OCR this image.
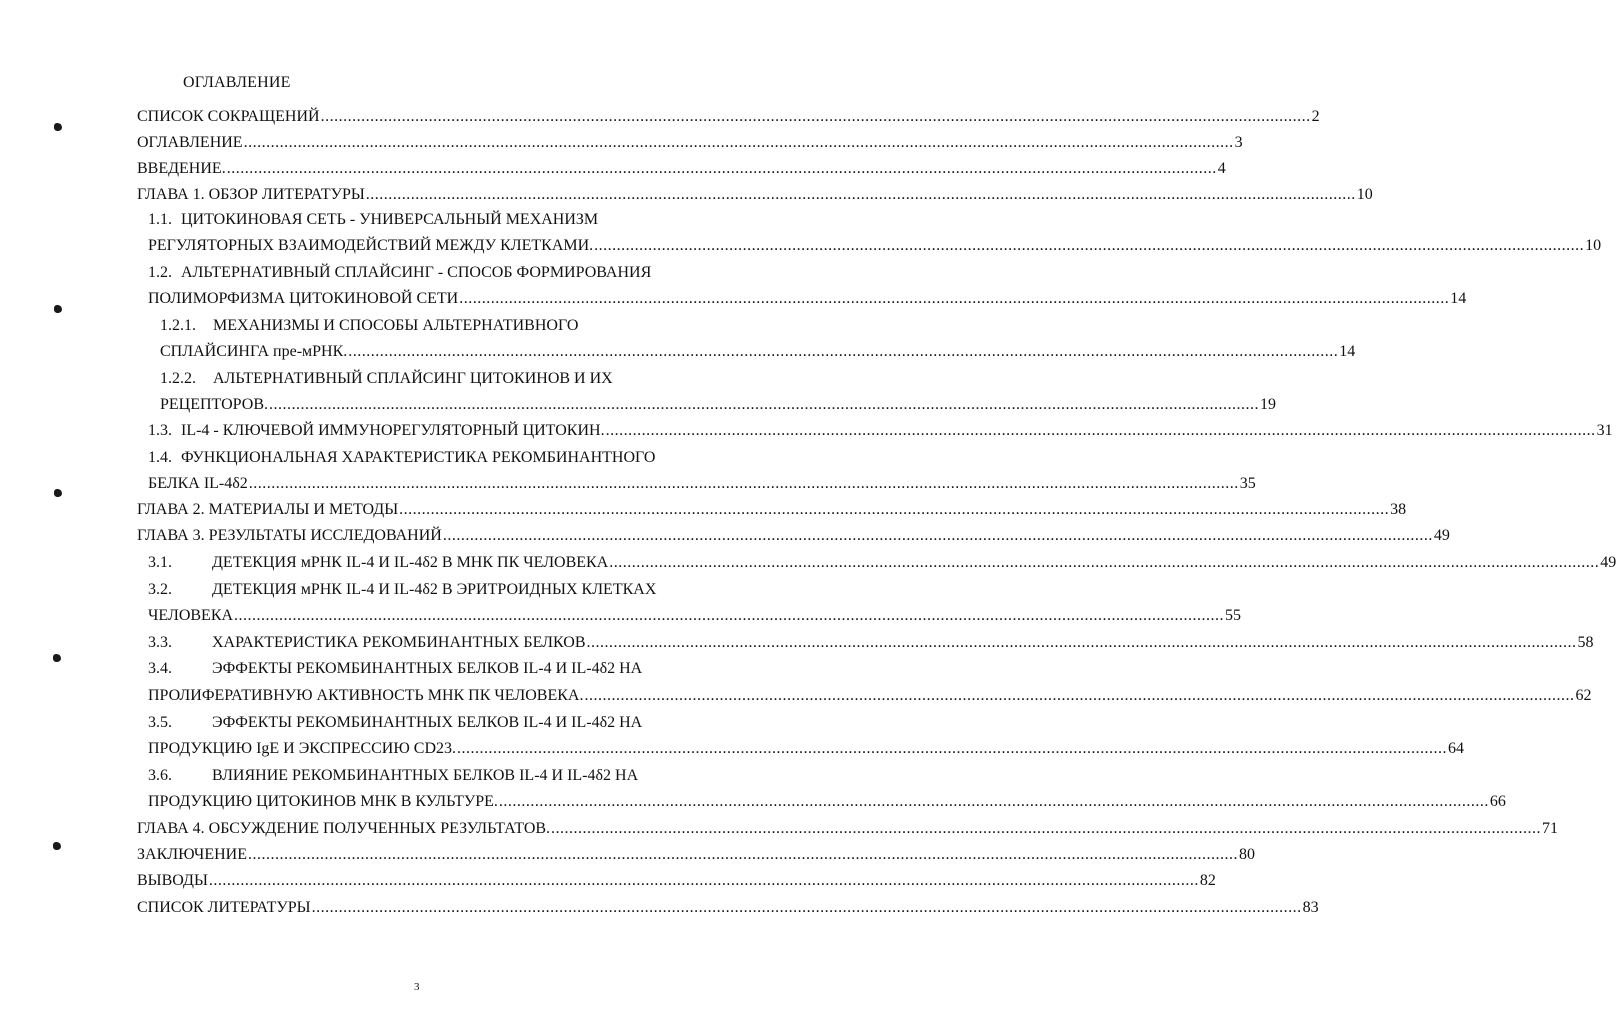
ОГЛАВЛЕНИЕ
СПИСОК СОКРАЩЕНИЙ ............................................................................................................................................................................................................................ 2
ОГЛАВЛЕНИЕ ............................................................................................................................................................................................................................ 3
ВВЕДЕНИЕ. ............................................................................................................................................................................................................................ 4
ГЛАВА 1. ОБЗОР ЛИТЕРАТУРЫ ............................................................................................................................................................................................................................ 10
1.1. ЦИТОКИНОВАЯ СЕТЬ - УНИВЕРСАЛЬНЫЙ МЕХАНИЗМ
РЕГУЛЯТОРНЫХ ВЗАИМОДЕЙСТВИЙ МЕЖДУ КЛЕТКАМИ. ............................................................................................................................................................................................................................ 10
1.2. АЛЬТЕРНАТИВНЫЙ СПЛАЙСИНГ - СПОСОБ ФОРМИРОВАНИЯ
ПОЛИМОРФИЗМА ЦИТОКИНОВОЙ СЕТИ ............................................................................................................................................................................................................................ 14
1.2.1. МЕХАНИЗМЫ И СПОСОБЫ АЛЬТЕРНАТИВНОГО
СПЛАЙСИНГА пре-мРНК. ............................................................................................................................................................................................................................ 14
1.2.2. АЛЬТЕРНАТИВНЫЙ СПЛАЙСИНГ ЦИТОКИНОВ И ИХ
РЕЦЕПТОРОВ. ............................................................................................................................................................................................................................ 19
1.3. IL-4 - КЛЮЧЕВОЙ ИММУНОРЕГУЛЯТОРНЫЙ ЦИТОКИН. ............................................................................................................................................................................................................................ 31
1.4. ФУНКЦИОНАЛЬНАЯ ХАРАКТЕРИСТИКА РЕКОМБИНАНТНОГО
БЕЛКА IL-4δ2 ............................................................................................................................................................................................................................ 35
ГЛАВА 2. МАТЕРИАЛЫ И МЕТОДЫ ............................................................................................................................................................................................................................ 38
ГЛАВА 3. РЕЗУЛЬТАТЫ ИССЛЕДОВАНИЙ ............................................................................................................................................................................................................................ 49
3.1.	ДЕТЕКЦИЯ мРНК IL-4 И IL-4δ2 В МНК ПК ЧЕЛОВЕКА ............................................................................................................................................................................................................................ 49
3.2.	ДЕТЕКЦИЯ мРНК IL-4 И IL-4δ2 В ЭРИТРОИДНЫХ КЛЕТКАХ
ЧЕЛОВЕКА ............................................................................................................................................................................................................................ 55
3.3.	ХАРАКТЕРИСТИКА РЕКОМБИНАНТНЫХ БЕЛКОВ ............................................................................................................................................................................................................................ 58
3.4.	ЭФФЕКТЫ РЕКОМБИНАНТНЫХ БЕЛКОВ IL-4 И IL-4δ2 НА
ПРОЛИФЕРАТИВНУЮ АКТИВНОСТЬ МНК ПК ЧЕЛОВЕКА. ............................................................................................................................................................................................................................ 62
3.5.	ЭФФЕКТЫ РЕКОМБИНАНТНЫХ БЕЛКОВ IL-4 И IL-4δ2 НА
ПРОДУКЦИЮ IgE И ЭКСПРЕССИЮ CD23. ............................................................................................................................................................................................................................ 64
3.6.	ВЛИЯНИЕ РЕКОМБИНАНТНЫХ БЕЛКОВ IL-4 И IL-4δ2 НА
ПРОДУКЦИЮ ЦИТОКИНОВ МНК В КУЛЬТУРЕ. ............................................................................................................................................................................................................................ 66
ГЛАВА 4. ОБСУЖДЕНИЕ ПОЛУЧЕННЫХ РЕЗУЛЬТАТОВ. ............................................................................................................................................................................................................................ 71
ЗАКЛЮЧЕНИЕ ............................................................................................................................................................................................................................ 80
ВЫВОДЫ ............................................................................................................................................................................................................................ 82
СПИСОК ЛИТЕРАТУРЫ ............................................................................................................................................................................................................................ 83
3
